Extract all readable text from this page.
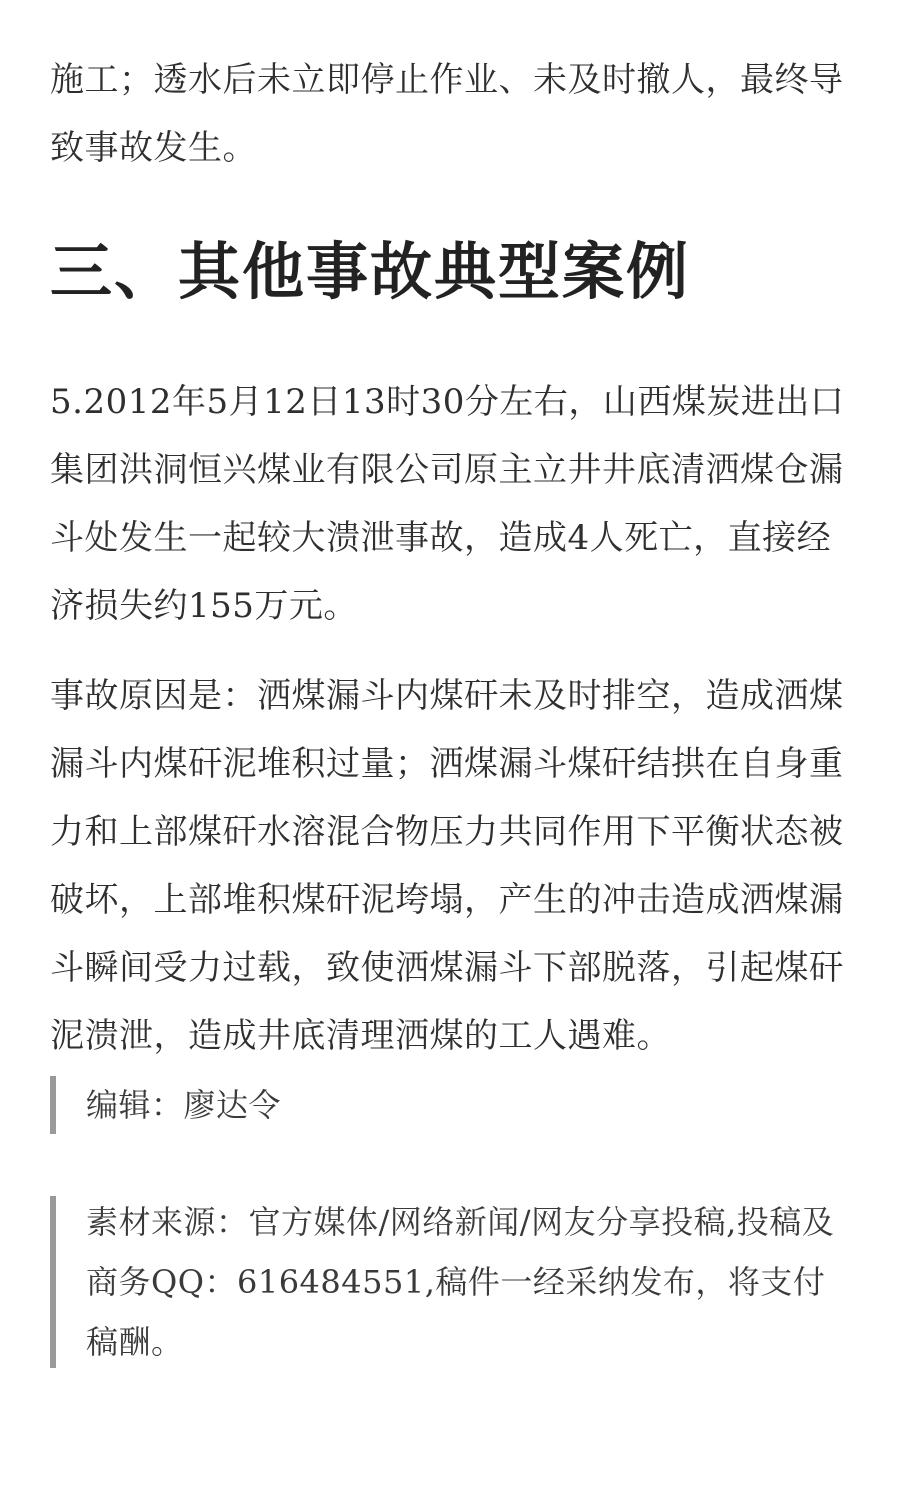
施工；透水后未立即停止作业、未及时撤人，最终导致事故发生。

三、其他事故典型案例

5.2012年5月12日13时30分左右，山西煤炭进出口集团洪洞恒兴煤业有限公司原主立井井底清洒煤仓漏斗处发生一起较大溃泄事故，造成4人死亡，直接经济损失约155万元。

事故原因是：洒煤漏斗内煤矸未及时排空，造成洒煤漏斗内煤矸泥堆积过量；洒煤漏斗煤矸结拱在自身重力和上部煤矸水溶混合物压力共同作用下平衡状态被破坏，上部堆积煤矸泥垮塌，产生的冲击造成洒煤漏斗瞬间受力过载，致使洒煤漏斗下部脱落，引起煤矸泥溃泄，造成井底清理洒煤的工人遇难。

编辑：廖达令

素材来源：官方媒体/网络新闻/网友分享投稿,投稿及商务QQ：616484551,稿件一经采纳发布，将支付稿酬。
